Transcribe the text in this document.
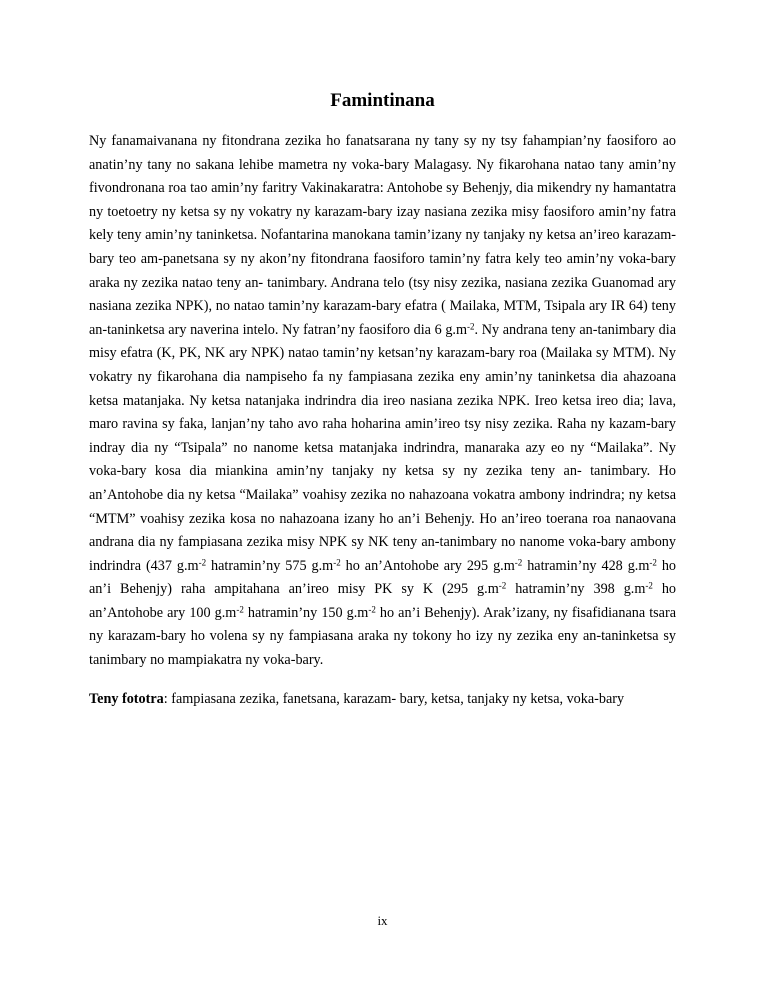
Famintinana

Ny fanamaivanana ny fitondrana zezika ho fanatsarana ny tany sy ny tsy fahampian’ny faosiforo ao anatin’ny tany no sakana lehibe mametra ny voka-bary Malagasy. Ny fikarohana natao tany amin’ny fivondronana roa tao amin’ny faritry Vakinakaratra: Antohobe sy Behenjy, dia mikendry ny hamantatra ny toetoetry ny ketsa sy ny vokatry ny karazam-bary izay nasiana zezika misy faosiforo amin’ny fatra kely teny amin’ny taninketsa. Nofantarina manokana tamin’izany ny tanjaky ny ketsa an’ireo karazam-bary teo am-panetsana sy ny akon’ny fitondrana faosiforo tamin’ny fatra kely teo amin’ny voka-bary araka ny zezika natao teny an- tanimbary. Andrana telo (tsy nisy zezika, nasiana zezika Guanomad ary nasiana zezika NPK), no natao tamin’ny karazam-bary efatra ( Mailaka, MTM, Tsipala ary IR 64) teny an-taninketsa ary naverina intelo. Ny fatran’ny faosiforo dia 6 $g.m^{-2}$. Ny andrana teny an-tanimbary dia misy efatra (K, PK, NK ary NPK) natao tamin’ny ketsan’ny karazam-bary roa (Mailaka sy MTM). Ny vokatry ny fikarohana dia nampiseho fa ny fampiasana zezika eny amin’ny taninketsa dia ahazoana ketsa matanjaka. Ny ketsa natanjaka indrindra dia ireo nasiana zezika NPK. Ireo ketsa ireo dia; lava, maro ravina sy faka, lanjan’ny taho avo raha hoharina amin’ireo tsy nisy zezika. Raha ny kazam-bary indray dia ny “Tsipala” no nanome ketsa matanjaka indrindra, manaraka azy eo ny “Mailaka”. Ny voka-bary kosa dia miankina amin’ny tanjaky ny ketsa sy ny zezika teny an- tanimbary. Ho an’Antohobe dia ny ketsa “Mailaka” voahisy zezika no nahazoana vokatra ambony indrindra; ny ketsa “MTM” voahisy zezika kosa no nahazoana izany ho an’i Behenjy. Ho an’ireo toerana roa nanaovana andrana dia ny fampiasana zezika misy NPK sy NK teny an-tanimbary no nanome voka-bary ambony indrindra (437 $g.m^{-2}$ hatramin’ny 575 $g.m^{-2}$ ho an’Antohobe ary 295 $g.m^{-2}$ hatramin’ny 428 $g.m^{-2}$ ho an’i Behenjy) raha ampitahana an’ireo misy PK sy K (295 $g.m^{-2}$ hatramin’ny 398 $g.m^{-2}$ ho an’Antohobe ary 100 $g.m^{-2}$ hatramin’ny 150 $g.m^{-2}$ ho an’i Behenjy). Arak’izany, ny fisafidianana tsara ny karazam-bary ho volena sy ny fampiasana araka ny tokony ho izy ny zezika eny an-taninketsa sy tanimbary no mampiakatra ny voka-bary.

Teny fototra: fampiasana zezika, fanetsana, karazam- bary, ketsa, tanjaky ny ketsa, voka-bary

ix
